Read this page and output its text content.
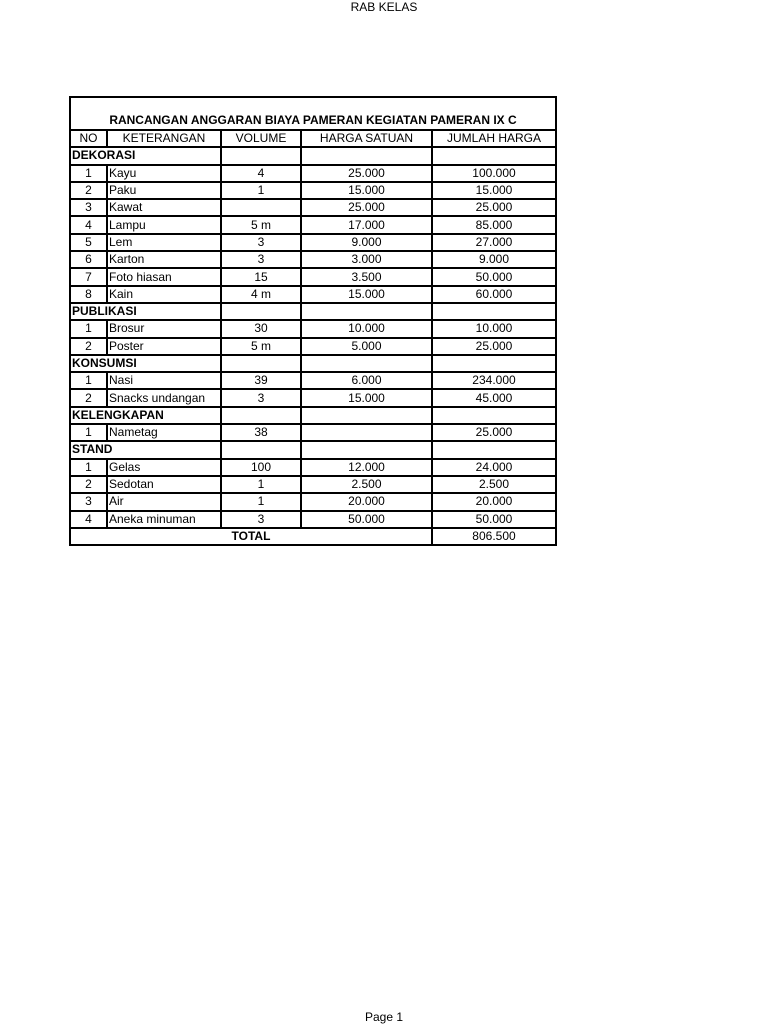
RAB KELAS
RANCANGAN ANGGARAN BIAYA PAMERAN KEGIATAN PAMERAN IX C				
NO	KETERANGAN	VOLUME	HARGA SATUAN	JUMLAH HARGA
DEKORASI				
1	Kayu	4	25.000	100.000
2	Paku	1	15.000	15.000
3	Kawat		25.000	25.000
4	Lampu	5 m	17.000	85.000
5	Lem	3	9.000	27.000
6	Karton	3	3.000	9.000
7	Foto hiasan	15	3.500	50.000
8	Kain	4 m	15.000	60.000
PUBLIKASI				
1	Brosur	30	10.000	10.000
2	Poster	5 m	5.000	25.000
KONSUMSI				
1	Nasi	39	6.000	234.000
2	Snacks undangan	3	15.000	45.000
KELENGKAPAN				
1	Nametag	38		25.000
STAND				
1	Gelas	100	12.000	24.000
2	Sedotan	1	2.500	2.500
3	Air	1	20.000	20.000
4	Aneka minuman	3	50.000	50.000
TOTAL				806.500
Page 1
